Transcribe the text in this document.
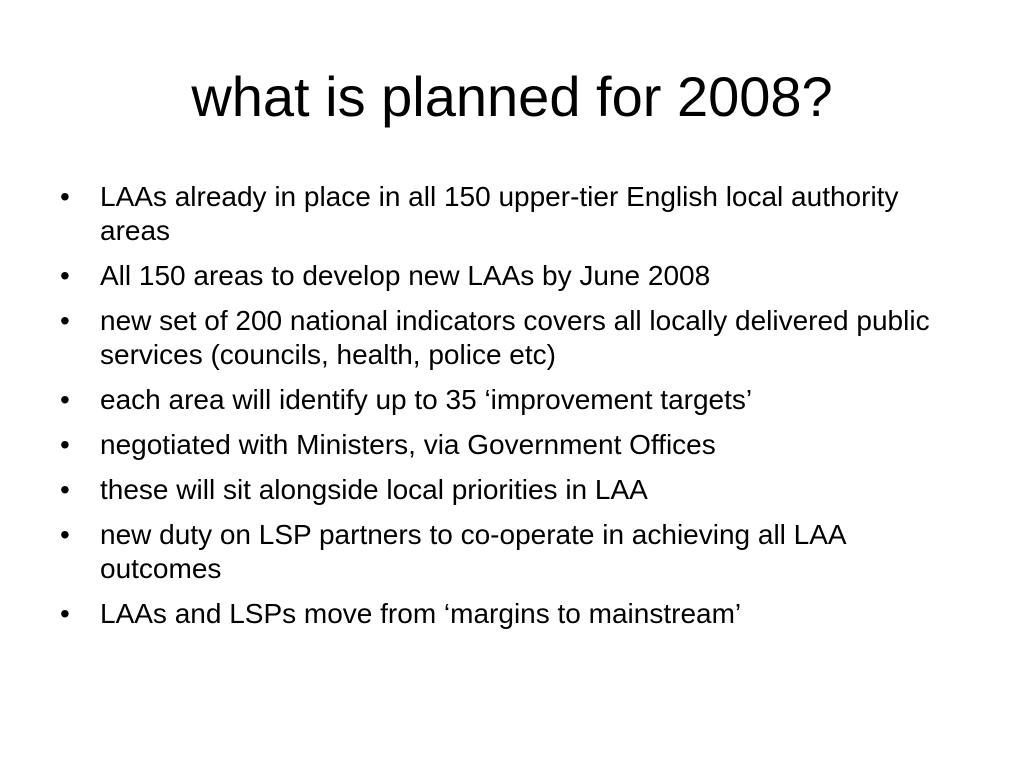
what is planned for 2008?
•	LAAs already in place in all 150 upper-tier English local authority areas
•	All 150 areas to develop new LAAs by June 2008
•	new set of 200 national indicators covers all locally delivered public services (councils, health, police etc)
•	each area will identify up to 35 ‘improvement targets’
•	negotiated with Ministers, via Government Offices
•	these will sit alongside local priorities in LAA
•	new duty on LSP partners to co-operate in achieving all LAA outcomes
•	LAAs and LSPs move from ‘margins to mainstream’
